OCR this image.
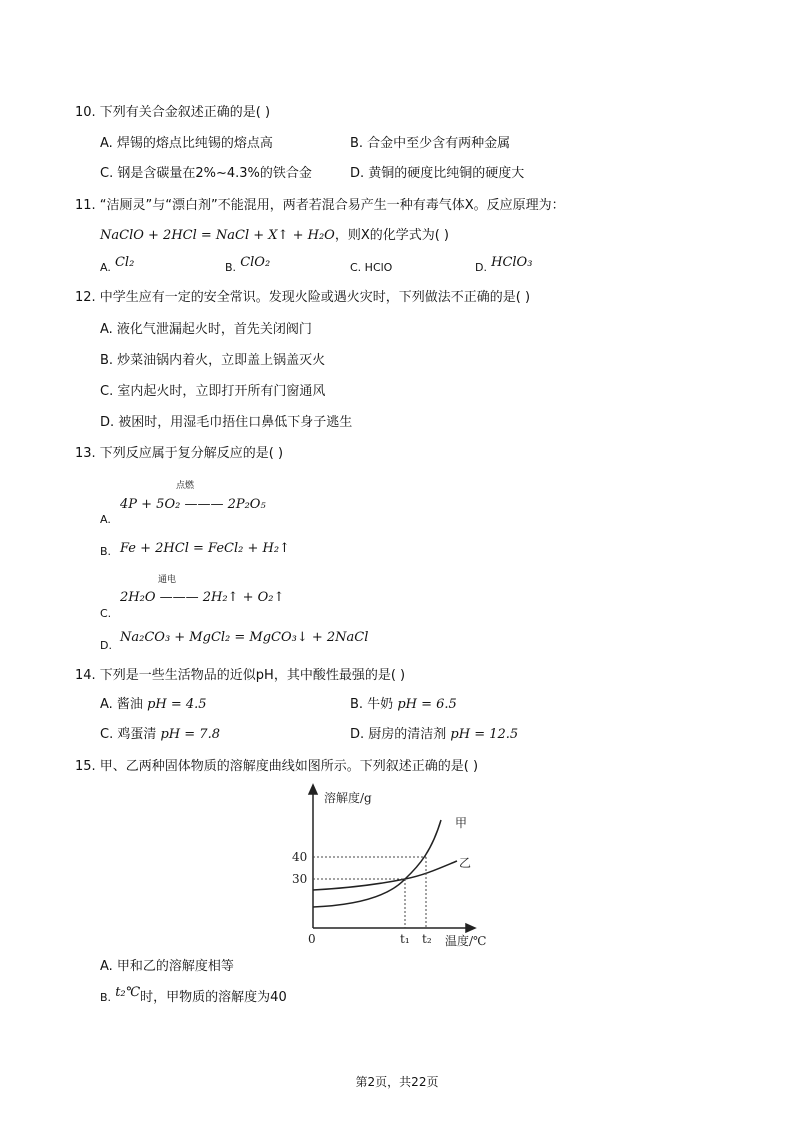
10. 下列有关合金叙述正确的是( )
A. 焊锡的熔点比纯锡的熔点高	B. 合金中至少含有两种金属
C. 钢是含碳量在2%~4.3%的铁合金	D. 黄铜的硬度比纯铜的硬度大
11. “洁厕灵”与“漂白剂”不能混用，两者若混合易产生一种有毒气体X。反应原理为：
NaClO + 2HCl = NaCl + X↑ + H₂O，则X的化学式为( )
A. Cl₂	B. ClO₂	C. HClO	D. HClO₃
12. 中学生应有一定的安全常识。发现火险或遇火灾时，下列做法不正确的是( )
A. 液化气泄漏起火时，首先关闭阀门
B. 炒菜油锅内着火，立即盖上锅盖灭火
C. 室内起火时，立即打开所有门窗通风
D. 被困时，用湿毛巾捂住口鼻低下身子逃生
13. 下列反应属于复分解反应的是( )
点燃
A.
4P + 5O₂ ——— 2P₂O₅
B. Fe + 2HCl = FeCl₂ + H₂↑
通电
C.
2H₂O ——— 2H₂↑ + O₂↑
D.
Na₂CO₃ + MgCl₂ = MgCO₃↓ + 2NaCl
14. 下列是一些生活物品的近似pH，其中酸性最强的是( )
A. 酱油 pH = 4.5	B. 牛奶 pH = 6.5
C. 鸡蛋清 pH = 7.8	D. 厨房的清洁剂 pH = 12.5
15. 甲、乙两种固体物质的溶解度曲线如图所示。下列叙述正确的是( )
溶解度/g
温度/℃
0
40
30
t₁ t₂
甲
乙
A. 甲和乙的溶解度相等
B. t₂℃时，甲物质的溶解度为40
第2页，共22页
